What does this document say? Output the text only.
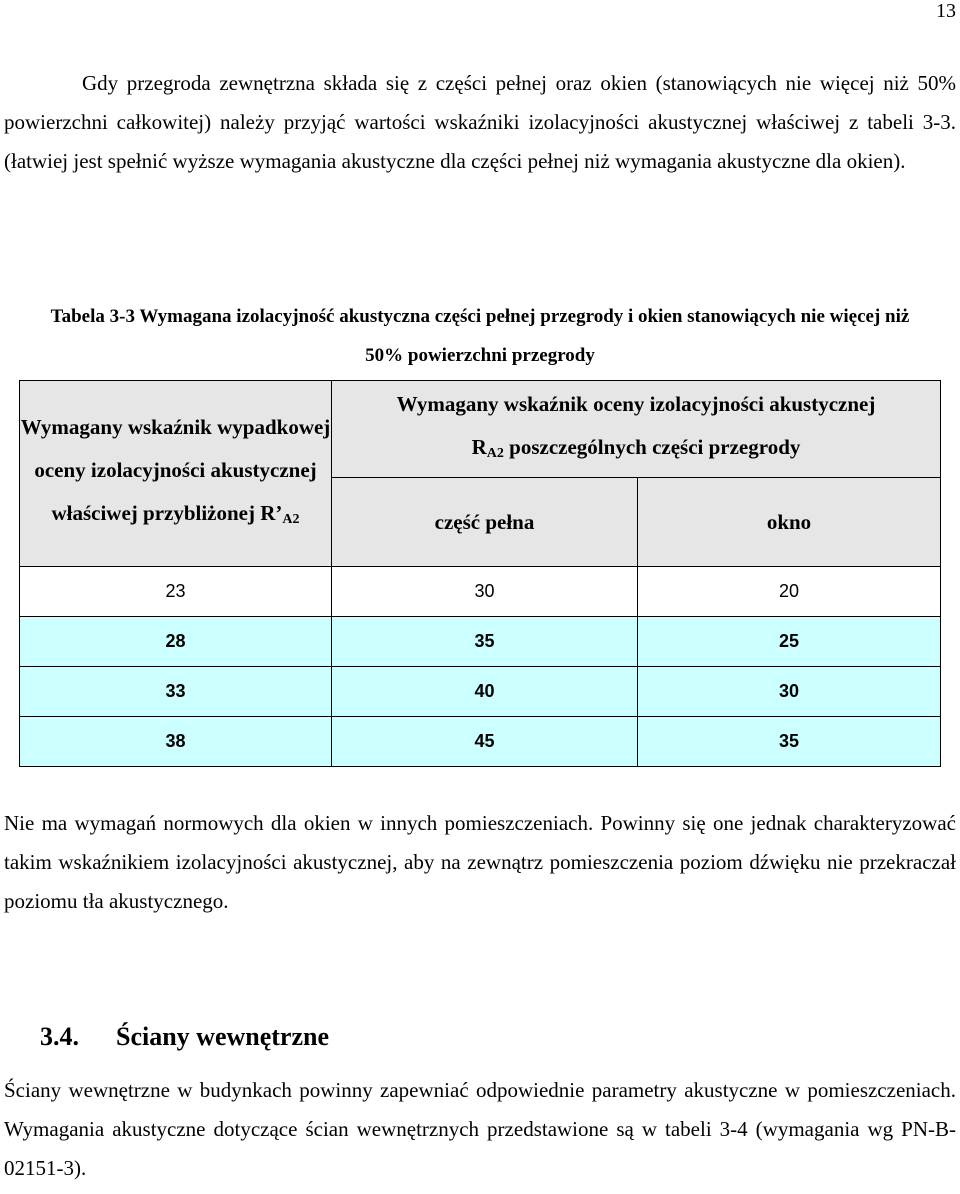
13

Gdy przegroda zewnętrzna składa się z części pełnej oraz okien (stanowiących nie więcej niż 50% powierzchni całkowitej) należy przyjąć wartości wskaźniki izolacyjności akustycznej właściwej z tabeli 3-3. (łatwiej jest spełnić wyższe wymagania akustyczne dla części pełnej niż wymagania akustyczne dla okien).

Tabela 3-3 Wymagana izolacyjność akustyczna części pełnej przegrody i okien stanowiących nie więcej niż

50% powierzchni przegrody

Wymagany wskaźnik wypadkowej oceny izolacyjności akustycznej właściwej przybliżonej $R’_{A2}$	Wymagany wskaźnik oceny izolacyjności akustycznej
$R_{A2}$ poszczególnych części przegrody	
	część pełna	okno
23	30	20
28	35	25
33	40	30
38	45	35

Nie ma wymagań normowych dla okien w innych pomieszczeniach. Powinny się one jednak charakteryzować takim wskaźnikiem izolacyjności akustycznej, aby na zewnątrz pomieszczenia poziom dźwięku nie przekraczał poziomu tła akustycznego.

3.4. Ściany wewnętrzne

Ściany wewnętrzne w budynkach powinny zapewniać odpowiednie parametry akustyczne w pomieszczeniach. Wymagania akustyczne dotyczące ścian wewnętrznych przedstawione są w tabeli 3-4 (wymagania wg PN-B-02151-3).
